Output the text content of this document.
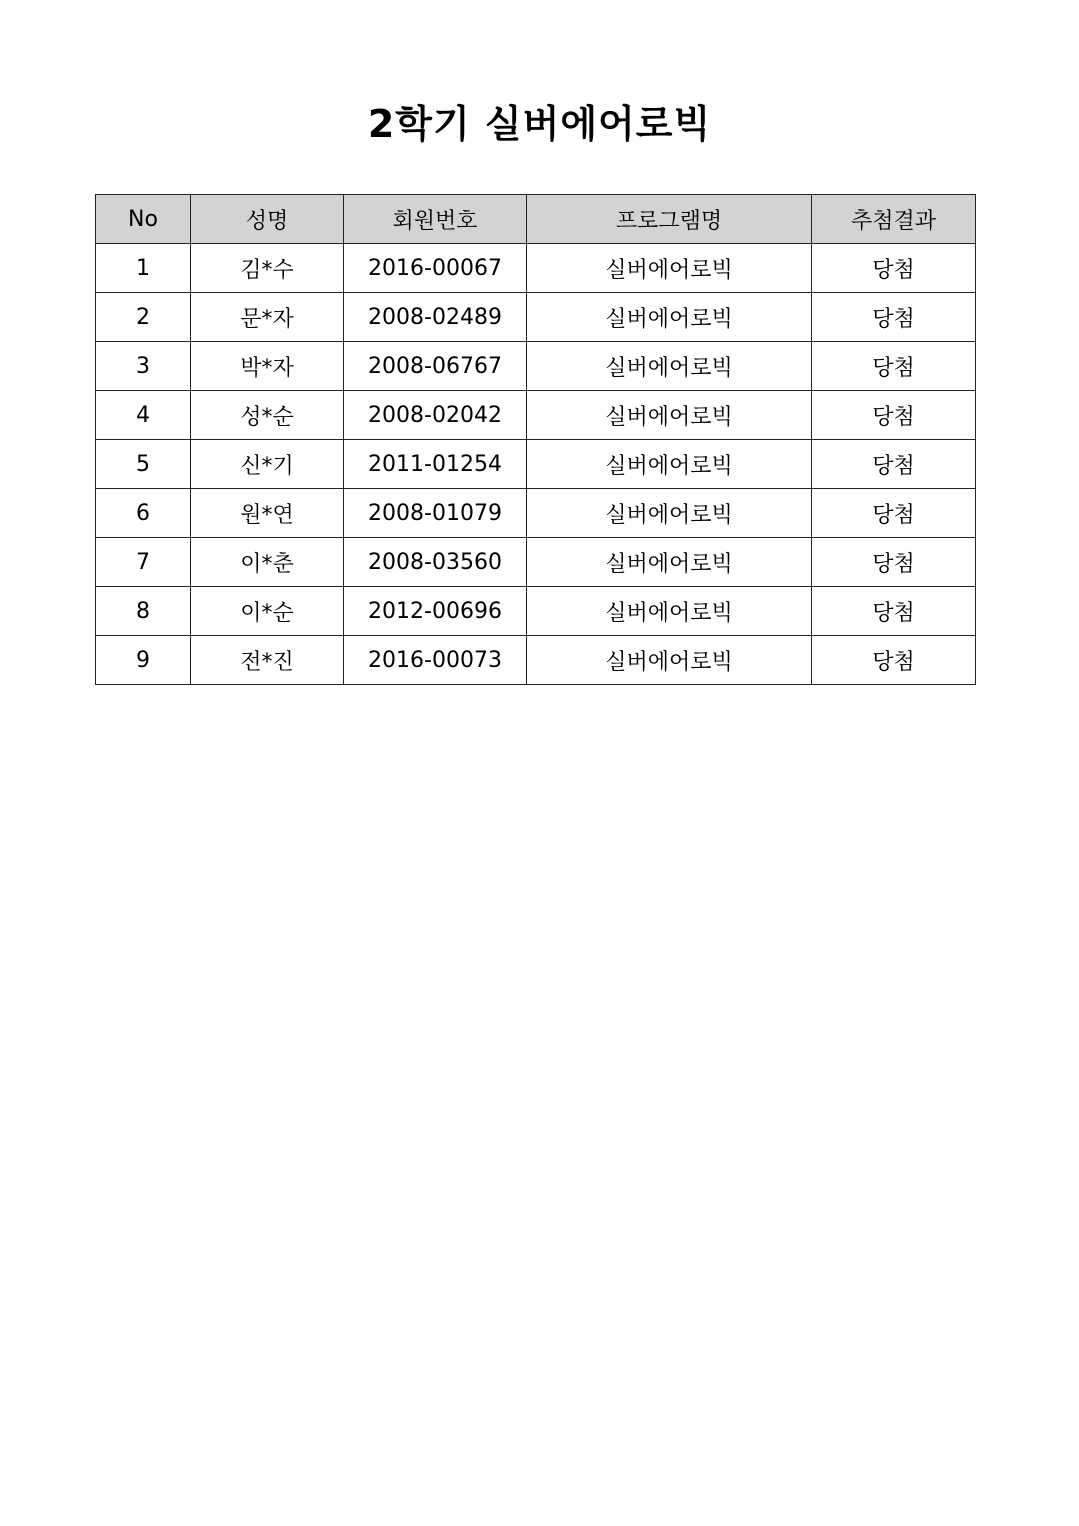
2학기 실버에어로빅
No	성명	회원번호	프로그램명	추첨결과
1	김*수	2016-00067	실버에어로빅	당첨
2	문*자	2008-02489	실버에어로빅	당첨
3	박*자	2008-06767	실버에어로빅	당첨
4	성*순	2008-02042	실버에어로빅	당첨
5	신*기	2011-01254	실버에어로빅	당첨
6	원*연	2008-01079	실버에어로빅	당첨
7	이*춘	2008-03560	실버에어로빅	당첨
8	이*순	2012-00696	실버에어로빅	당첨
9	전*진	2016-00073	실버에어로빅	당첨
